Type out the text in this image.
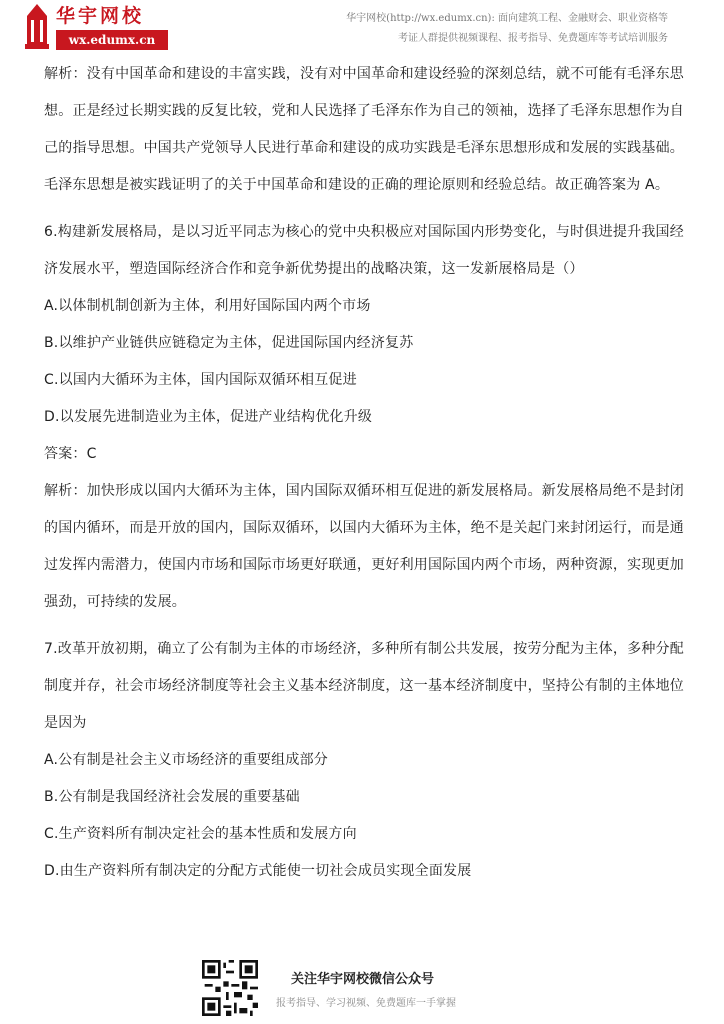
华宇网校
wx.edumx.cn
华宇网校(http://wx.edumx.cn): 面向建筑工程、金融财会、职业资格等
考证人群提供视频课程、报考指导、免费题库等考试培训服务

解析：没有中国革命和建设的丰富实践，没有对中国革命和建设经验的深刻总结，就不可能有毛泽东思想。正是经过长期实践的反复比较，党和人民选择了毛泽东作为自己的领袖，选择了毛泽东思想作为自己的指导思想。中国共产党领导人民进行革命和建设的成功实践是毛泽东思想形成和发展的实践基础。毛泽东思想是被实践证明了的关于中国革命和建设的正确的理论原则和经验总结。故正确答案为 A。

6.构建新发展格局，是以习近平同志为核心的党中央积极应对国际国内形势变化，与时俱进提升我国经济发展水平，塑造国际经济合作和竞争新优势提出的战略决策，这一发新展格局是（）

A.以体制机制创新为主体，利用好国际国内两个市场

B.以维护产业链供应链稳定为主体，促进国际国内经济复苏

C.以国内大循环为主体，国内国际双循环相互促进

D.以发展先进制造业为主体，促进产业结构优化升级

答案：C

解析：加快形成以国内大循环为主体，国内国际双循环相互促进的新发展格局。新发展格局绝不是封闭的国内循环，而是开放的国内，国际双循环，以国内大循环为主体，绝不是关起门来封闭运行，而是通过发挥内需潜力，使国内市场和国际市场更好联通，更好利用国际国内两个市场，两种资源，实现更加强劲，可持续的发展。

7.改革开放初期，确立了公有制为主体的市场经济，多种所有制公共发展，按劳分配为主体，多种分配制度并存，社会市场经济制度等社会主义基本经济制度，这一基本经济制度中，坚持公有制的主体地位是因为

A.公有制是社会主义市场经济的重要组成部分

B.公有制是我国经济社会发展的重要基础

C.生产资料所有制决定社会的基本性质和发展方向

D.由生产资料所有制决定的分配方式能使一切社会成员实现全面发展

关注华宇网校微信公众号
报考指导、学习视频、免费题库一手掌握
